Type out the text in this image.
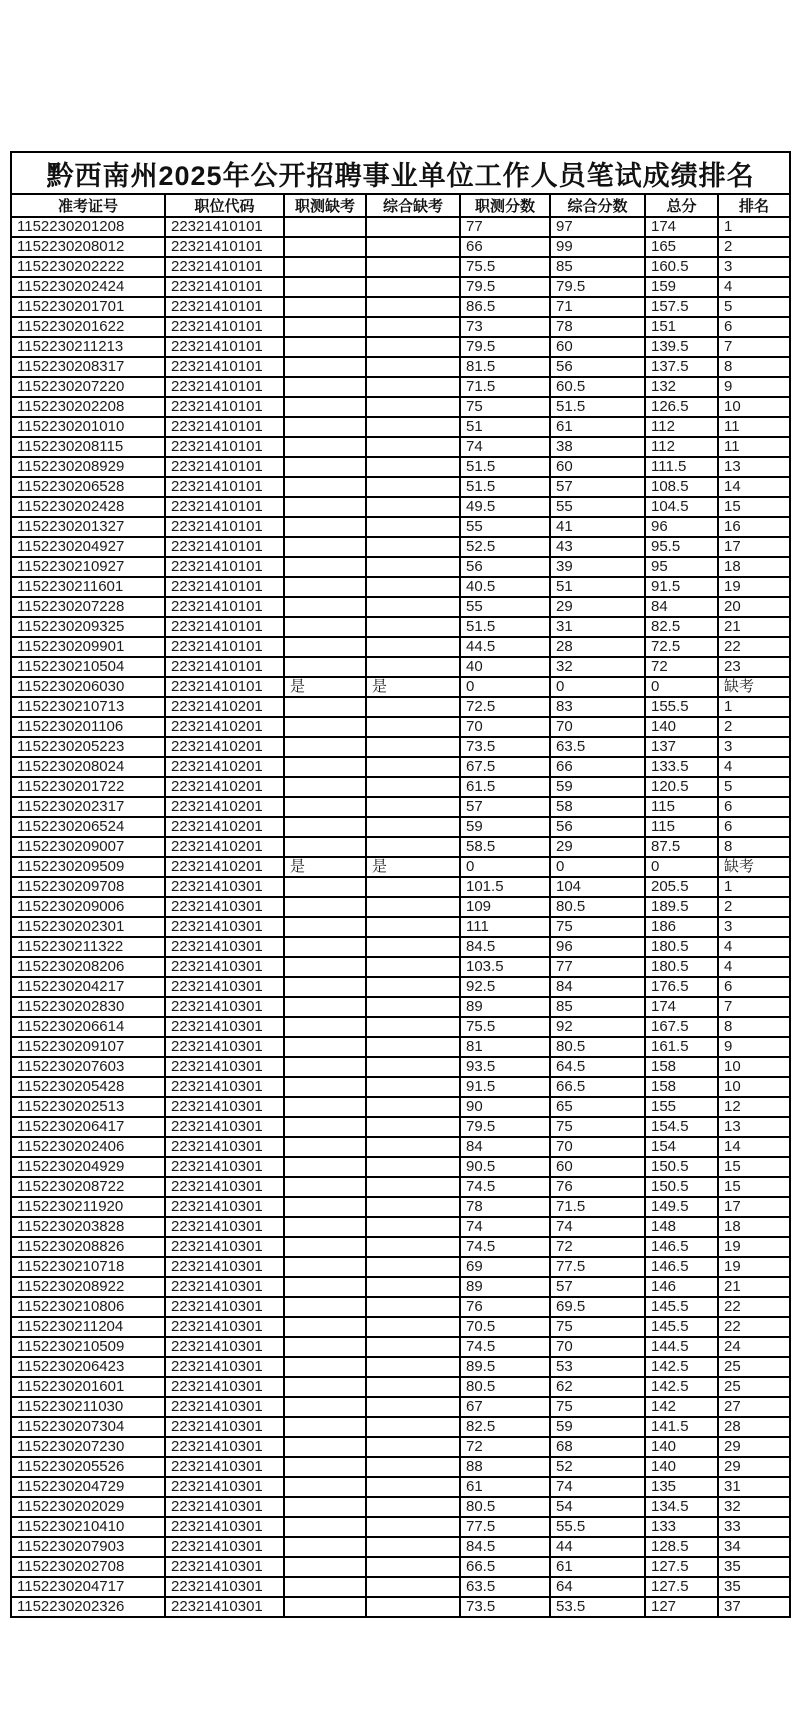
黔西南州2025年公开招聘事业单位工作人员笔试成绩排名							
准考证号	职位代码	职测缺考	综合缺考	职测分数	综合分数	总分	排名
1152230201208	22321410101			77	97	174	1
1152230208012	22321410101			66	99	165	2
1152230202222	22321410101			75.5	85	160.5	3
1152230202424	22321410101			79.5	79.5	159	4
1152230201701	22321410101			86.5	71	157.5	5
1152230201622	22321410101			73	78	151	6
1152230211213	22321410101			79.5	60	139.5	7
1152230208317	22321410101			81.5	56	137.5	8
1152230207220	22321410101			71.5	60.5	132	9
1152230202208	22321410101			75	51.5	126.5	10
1152230201010	22321410101			51	61	112	11
1152230208115	22321410101			74	38	112	11
1152230208929	22321410101			51.5	60	111.5	13
1152230206528	22321410101			51.5	57	108.5	14
1152230202428	22321410101			49.5	55	104.5	15
1152230201327	22321410101			55	41	96	16
1152230204927	22321410101			52.5	43	95.5	17
1152230210927	22321410101			56	39	95	18
1152230211601	22321410101			40.5	51	91.5	19
1152230207228	22321410101			55	29	84	20
1152230209325	22321410101			51.5	31	82.5	21
1152230209901	22321410101			44.5	28	72.5	22
1152230210504	22321410101			40	32	72	23
1152230206030	22321410101	是	是	0	0	0	缺考
1152230210713	22321410201			72.5	83	155.5	1
1152230201106	22321410201			70	70	140	2
1152230205223	22321410201			73.5	63.5	137	3
1152230208024	22321410201			67.5	66	133.5	4
1152230201722	22321410201			61.5	59	120.5	5
1152230202317	22321410201			57	58	115	6
1152230206524	22321410201			59	56	115	6
1152230209007	22321410201			58.5	29	87.5	8
1152230209509	22321410201	是	是	0	0	0	缺考
1152230209708	22321410301			101.5	104	205.5	1
1152230209006	22321410301			109	80.5	189.5	2
1152230202301	22321410301			111	75	186	3
1152230211322	22321410301			84.5	96	180.5	4
1152230208206	22321410301			103.5	77	180.5	4
1152230204217	22321410301			92.5	84	176.5	6
1152230202830	22321410301			89	85	174	7
1152230206614	22321410301			75.5	92	167.5	8
1152230209107	22321410301			81	80.5	161.5	9
1152230207603	22321410301			93.5	64.5	158	10
1152230205428	22321410301			91.5	66.5	158	10
1152230202513	22321410301			90	65	155	12
1152230206417	22321410301			79.5	75	154.5	13
1152230202406	22321410301			84	70	154	14
1152230204929	22321410301			90.5	60	150.5	15
1152230208722	22321410301			74.5	76	150.5	15
1152230211920	22321410301			78	71.5	149.5	17
1152230203828	22321410301			74	74	148	18
1152230208826	22321410301			74.5	72	146.5	19
1152230210718	22321410301			69	77.5	146.5	19
1152230208922	22321410301			89	57	146	21
1152230210806	22321410301			76	69.5	145.5	22
1152230211204	22321410301			70.5	75	145.5	22
1152230210509	22321410301			74.5	70	144.5	24
1152230206423	22321410301			89.5	53	142.5	25
1152230201601	22321410301			80.5	62	142.5	25
1152230211030	22321410301			67	75	142	27
1152230207304	22321410301			82.5	59	141.5	28
1152230207230	22321410301			72	68	140	29
1152230205526	22321410301			88	52	140	29
1152230204729	22321410301			61	74	135	31
1152230202029	22321410301			80.5	54	134.5	32
1152230210410	22321410301			77.5	55.5	133	33
1152230207903	22321410301			84.5	44	128.5	34
1152230202708	22321410301			66.5	61	127.5	35
1152230204717	22321410301			63.5	64	127.5	35
1152230202326	22321410301			73.5	53.5	127	37
